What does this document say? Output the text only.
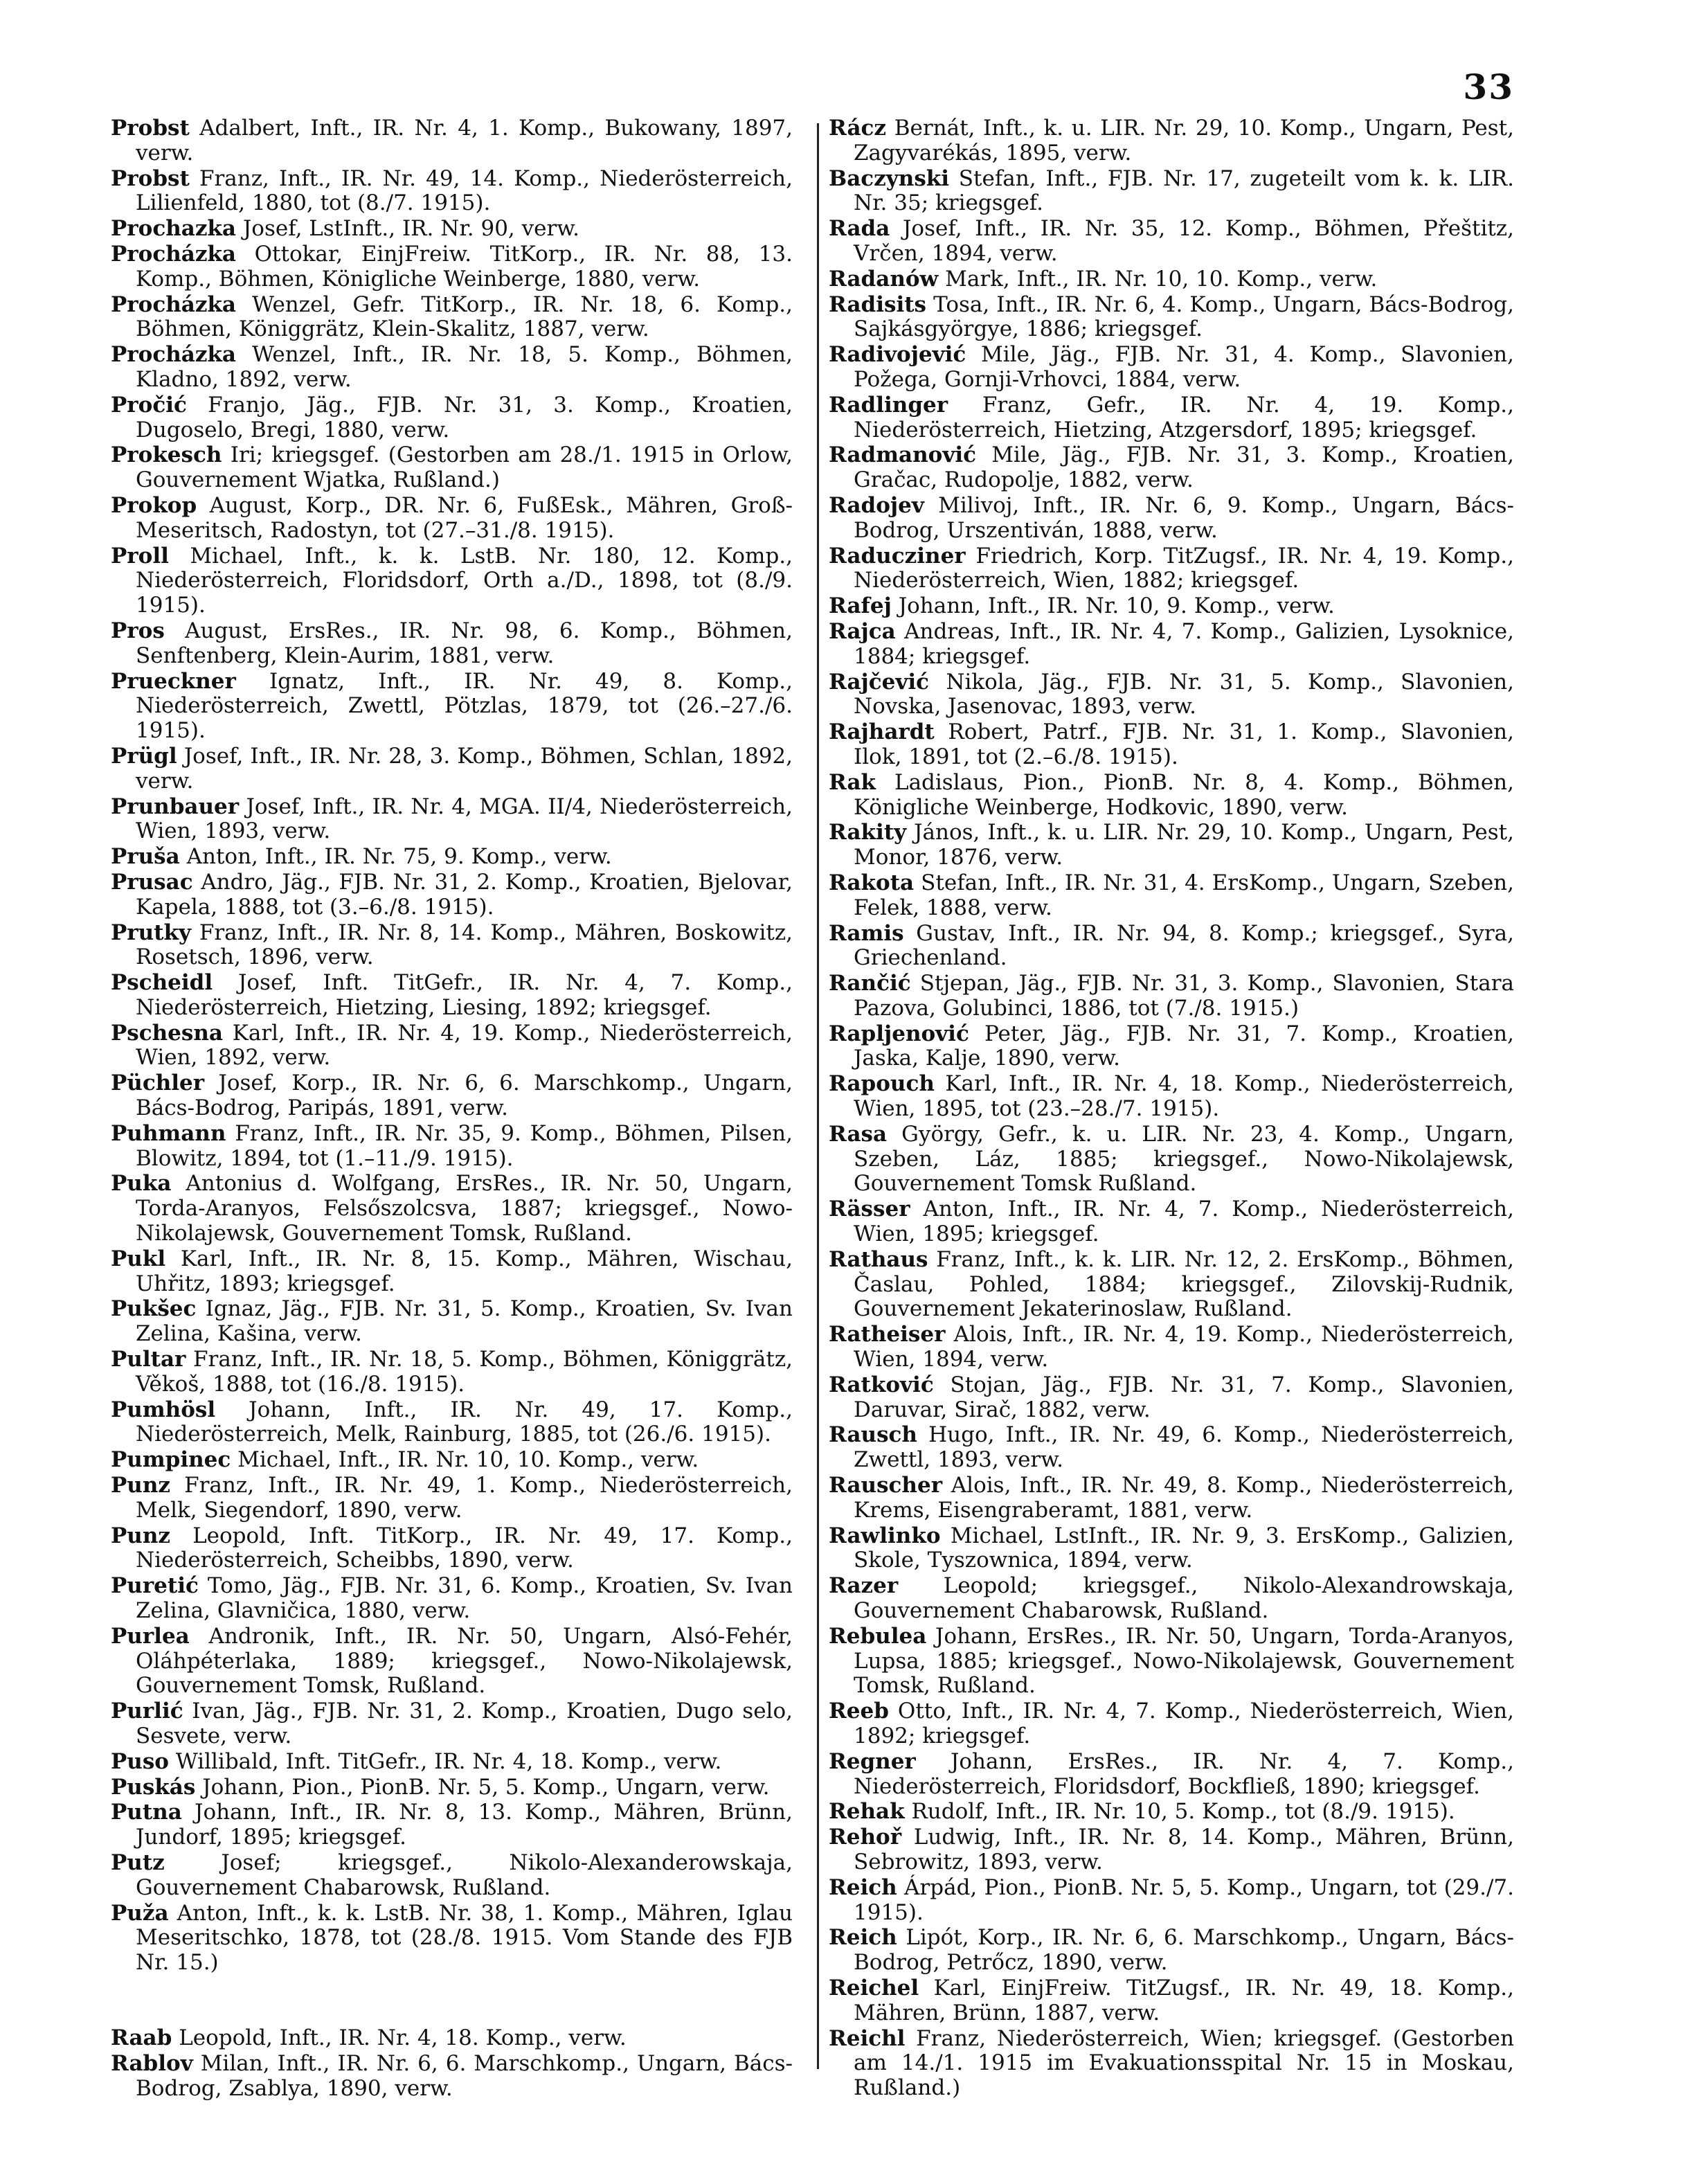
33

Probst Adalbert, Inft., IR. Nr. 4, 1. Komp., Bukowany, 1897, verw.

Probst Franz, Inft., IR. Nr. 49, 14. Komp., Niederösterreich, Lilienfeld, 1880, tot (8./7. 1915).

Prochazka Josef, LstInft., IR. Nr. 90, verw.

Procházka Ottokar, EinjFreiw. TitKorp., IR. Nr. 88, 13. Komp., Böhmen, Königliche Weinberge, 1880, verw.

Procházka Wenzel, Gefr. TitKorp., IR. Nr. 18, 6. Komp., Böhmen, Königgrätz, Klein-Skalitz, 1887, verw.

Procházka Wenzel, Inft., IR. Nr. 18, 5. Komp., Böhmen, Kladno, 1892, verw.

Pročić Franjo, Jäg., FJB. Nr. 31, 3. Komp., Kroatien, Dugoselo, Bregi, 1880, verw.

Prokesch Iri; kriegsgef. (Gestorben am 28./1. 1915 in Orlow, Gouvernement Wjatka, Rußland.)

Prokop August, Korp., DR. Nr. 6, FußEsk., Mähren, Groß-Meseritsch, Radostyn, tot (27.–31./8. 1915).

Proll Michael, Inft., k. k. LstB. Nr. 180, 12. Komp., Niederösterreich, Floridsdorf, Orth a./D., 1898, tot (8./9. 1915).

Pros August, ErsRes., IR. Nr. 98, 6. Komp., Böhmen, Senftenberg, Klein-Aurim, 1881, verw.

Prueckner Ignatz, Inft., IR. Nr. 49, 8. Komp., Niederösterreich, Zwettl, Pötzlas, 1879, tot (26.–27./6. 1915).

Prügl Josef, Inft., IR. Nr. 28, 3. Komp., Böhmen, Schlan, 1892, verw.

Prunbauer Josef, Inft., IR. Nr. 4, MGA. II/4, Niederösterreich, Wien, 1893, verw.

Pruša Anton, Inft., IR. Nr. 75, 9. Komp., verw.

Prusac Andro, Jäg., FJB. Nr. 31, 2. Komp., Kroatien, Bjelovar, Kapela, 1888, tot (3.–6./8. 1915).

Prutky Franz, Inft., IR. Nr. 8, 14. Komp., Mähren, Boskowitz, Rosetsch, 1896, verw.

Pscheidl Josef, Inft. TitGefr., IR. Nr. 4, 7. Komp., Niederösterreich, Hietzing, Liesing, 1892; kriegsgef.

Pschesna Karl, Inft., IR. Nr. 4, 19. Komp., Niederösterreich, Wien, 1892, verw.

Püchler Josef, Korp., IR. Nr. 6, 6. Marschkomp., Ungarn, Bács-Bodrog, Paripás, 1891, verw.

Puhmann Franz, Inft., IR. Nr. 35, 9. Komp., Böhmen, Pilsen, Blowitz, 1894, tot (1.–11./9. 1915).

Puka Antonius d. Wolfgang, ErsRes., IR. Nr. 50, Ungarn, Torda-Aranyos, Felsőszolcsva, 1887; kriegsgef., Nowo-Nikolajewsk, Gouvernement Tomsk, Rußland.

Pukl Karl, Inft., IR. Nr. 8, 15. Komp., Mähren, Wischau, Uhřitz, 1893; kriegsgef.

Pukšec Ignaz, Jäg., FJB. Nr. 31, 5. Komp., Kroatien, Sv. Ivan Zelina, Kašina, verw.

Pultar Franz, Inft., IR. Nr. 18, 5. Komp., Böhmen, Königgrätz, Věkoš, 1888, tot (16./8. 1915).

Pumhösl Johann, Inft., IR. Nr. 49, 17. Komp., Niederösterreich, Melk, Rainburg, 1885, tot (26./6. 1915).

Pumpinec Michael, Inft., IR. Nr. 10, 10. Komp., verw.

Punz Franz, Inft., IR. Nr. 49, 1. Komp., Niederösterreich, Melk, Siegendorf, 1890, verw.

Punz Leopold, Inft. TitKorp., IR. Nr. 49, 17. Komp., Niederösterreich, Scheibbs, 1890, verw.

Puretić Tomo, Jäg., FJB. Nr. 31, 6. Komp., Kroatien, Sv. Ivan Zelina, Glavničica, 1880, verw.

Purlea Andronik, Inft., IR. Nr. 50, Ungarn, Alsó-Fehér, Oláhpéterlaka, 1889; kriegsgef., Nowo-Nikolajewsk, Gouvernement Tomsk, Rußland.

Purlić Ivan, Jäg., FJB. Nr. 31, 2. Komp., Kroatien, Dugo selo, Sesvete, verw.

Puso Willibald, Inft. TitGefr., IR. Nr. 4, 18. Komp., verw.

Puskás Johann, Pion., PionB. Nr. 5, 5. Komp., Ungarn, verw.

Putna Johann, Inft., IR. Nr. 8, 13. Komp., Mähren, Brünn, Jundorf, 1895; kriegsgef.

Putz	Josef; kriegsgef., Nikolo-Alexanderowskaja, Gouvernement Chabarowsk, Rußland.

Puža Anton, Inft., k. k. LstB. Nr. 38, 1. Komp., Mähren, Iglau Meseritschko, 1878, tot (28./8. 1915. Vom Stande des FJB Nr. 15.)

Raab Leopold, Inft., IR. Nr. 4, 18. Komp., verw.

Rablov Milan, Inft., IR. Nr. 6, 6. Marschkomp., Ungarn, Bács-Bodrog, Zsablya, 1890, verw.

Rácz Bernát, Inft., k. u. LIR. Nr. 29, 10. Komp., Ungarn, Pest, Zagyvarékás, 1895, verw.

Baczynski Stefan, Inft., FJB. Nr. 17, zugeteilt vom k. k. LIR. Nr. 35; kriegsgef.

Rada Josef, Inft., IR. Nr. 35, 12. Komp., Böhmen, Přeštitz, Vrčen, 1894, verw.

Radanów Mark, Inft., IR. Nr. 10, 10. Komp., verw.

Radisits Tosa, Inft., IR. Nr. 6, 4. Komp., Ungarn, Bács-Bodrog, Sajkásgyörgye, 1886; kriegsgef.

Radivojević Mile, Jäg., FJB. Nr. 31, 4. Komp., Slavonien, Požega, Gornji-Vrhovci, 1884, verw.

Radlinger Franz, Gefr., IR. Nr. 4, 19. Komp., Niederösterreich, Hietzing, Atzgersdorf, 1895; kriegsgef.

Radmanović Mile, Jäg., FJB. Nr. 31, 3. Komp., Kroatien, Gračac, Rudopolje, 1882, verw.

Radojev Milivoj, Inft., IR. Nr. 6, 9. Komp., Ungarn, Bács-Bodrog, Urszentiván, 1888, verw.

Raducziner Friedrich, Korp. TitZugsf., IR. Nr. 4, 19. Komp., Niederösterreich, Wien, 1882; kriegsgef.

Rafej Johann, Inft., IR. Nr. 10, 9. Komp., verw.

Rajca Andreas, Inft., IR. Nr. 4, 7. Komp., Galizien, Lysoknice, 1884; kriegsgef.

Rajčević Nikola, Jäg., FJB. Nr. 31, 5. Komp., Slavonien, Novska, Jasenovac, 1893, verw.

Rajhardt Robert, Patrf., FJB. Nr. 31, 1. Komp., Slavonien, Ilok, 1891, tot (2.–6./8. 1915).

Rak Ladislaus, Pion., PionB. Nr. 8, 4. Komp., Böhmen, Königliche Weinberge, Hodkovic, 1890, verw.

Rakity János, Inft., k. u. LIR. Nr. 29, 10. Komp., Ungarn, Pest, Monor, 1876, verw.

Rakota Stefan, Inft., IR. Nr. 31, 4. ErsKomp., Ungarn, Szeben, Felek, 1888, verw.

Ramis Gustav, Inft., IR. Nr. 94, 8. Komp.; kriegsgef., Syra, Griechenland.

Rančić Stjepan, Jäg., FJB. Nr. 31, 3. Komp., Slavonien, Stara Pazova, Golubinci, 1886, tot (7./8. 1915.)

Rapljenović Peter, Jäg., FJB. Nr. 31, 7. Komp., Kroatien, Jaska, Kalje, 1890, verw.

Rapouch Karl, Inft., IR. Nr. 4, 18. Komp., Niederösterreich, Wien, 1895, tot (23.–28./7. 1915).

Rasa György, Gefr., k. u. LIR. Nr. 23, 4. Komp., Ungarn, Szeben, Láz, 1885; kriegsgef., Nowo-Nikolajewsk, Gouvernement Tomsk Rußland.

Rässer Anton, Inft., IR. Nr. 4, 7. Komp., Niederösterreich, Wien, 1895; kriegsgef.

Rathaus Franz, Inft., k. k. LIR. Nr. 12, 2. ErsKomp., Böhmen, Časlau, Pohled, 1884; kriegsgef., Zilovskij-Rudnik, Gouvernement Jekaterinoslaw, Rußland.

Ratheiser Alois, Inft., IR. Nr. 4, 19. Komp., Niederösterreich, Wien, 1894, verw.

Ratković Stojan, Jäg., FJB. Nr. 31, 7. Komp., Slavonien, Daruvar, Sirač, 1882, verw.

Rausch Hugo, Inft., IR. Nr. 49, 6. Komp., Niederösterreich, Zwettl, 1893, verw.

Rauscher Alois, Inft., IR. Nr. 49, 8. Komp., Niederösterreich, Krems, Eisengraberamt, 1881, verw.

Rawlinko Michael, LstInft., IR. Nr. 9, 3. ErsKomp., Galizien, Skole, Tyszownica, 1894, verw.

Razer Leopold; kriegsgef., Nikolo-Alexandrowskaja, Gouvernement Chabarowsk, Rußland.

Rebulea Johann, ErsRes., IR. Nr. 50, Ungarn, Torda-Aranyos, Lupsa, 1885; kriegsgef., Nowo-Nikolajewsk, Gouvernement Tomsk, Rußland.

Reeb Otto, Inft., IR. Nr. 4, 7. Komp., Niederösterreich, Wien, 1892; kriegsgef.

Regner Johann, ErsRes., IR. Nr. 4, 7. Komp., Niederösterreich, Floridsdorf, Bockfließ, 1890; kriegsgef.

Rehak Rudolf, Inft., IR. Nr. 10, 5. Komp., tot (8./9. 1915).

Rehoř Ludwig, Inft., IR. Nr. 8, 14. Komp., Mähren, Brünn, Sebrowitz, 1893, verw.

Reich Árpád, Pion., PionB. Nr. 5, 5. Komp., Ungarn, tot (29./7. 1915).

Reich Lipót, Korp., IR. Nr. 6, 6. Marschkomp., Ungarn, Bács-Bodrog, Petrőcz, 1890, verw.

Reichel Karl, EinjFreiw. TitZugsf., IR. Nr. 49, 18. Komp., Mähren, Brünn, 1887, verw.

Reichl Franz, Niederösterreich, Wien; kriegsgef. (Gestorben am 14./1. 1915 im Evakuationsspital Nr. 15 in Moskau, Rußland.)
